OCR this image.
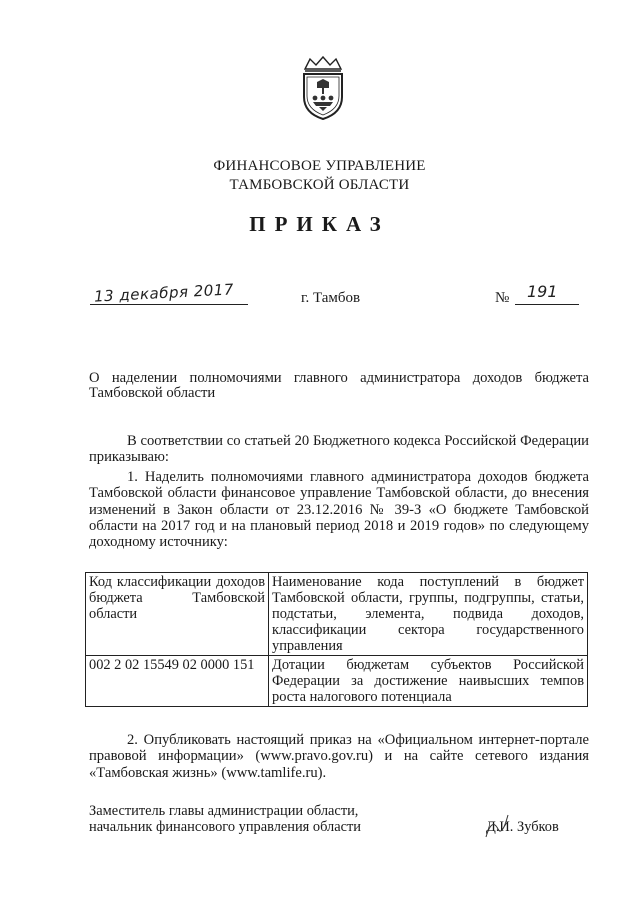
ФИНАНСОВОЕ УПРАВЛЕНИЕ
ТАМБОВСКОЙ ОБЛАСТИ
ПРИКАЗ
13 декабря 2017	г. Тамбов	№ 191
О наделении полномочиями главного администратора доходов бюджета Тамбовской области
В соответствии со статьей 20 Бюджетного кодекса Российской Федерации приказываю:
1. Наделить полномочиями главного администратора доходов бюджета Тамбовской области финансовое управление Тамбовской области, до внесения изменений в Закон области от 23.12.2016 № 39-З «О бюджете Тамбовской области на 2017 год и на плановый период 2018 и 2019 годов» по следующему доходному источнику:
Код классификации доходов бюджета Тамбовской области	Наименование кода поступлений в бюджет Тамбовской области, группы, подгруппы, статьи, подстатьи, элемента, подвида доходов, классификации сектора государственного управления
002 2 02 15549 02 0000 151	Дотации бюджетам субъектов Российской Федерации за достижение наивысших темпов роста налогового потенциала
2. Опубликовать настоящий приказ на «Официальном интернет-портале правовой информации» (www.pravo.gov.ru) и на сайте сетевого издания «Тамбовская жизнь» (www.tamlife.ru).
Заместитель главы администрации области,
начальник финансового управления области	Д.И. Зубков
